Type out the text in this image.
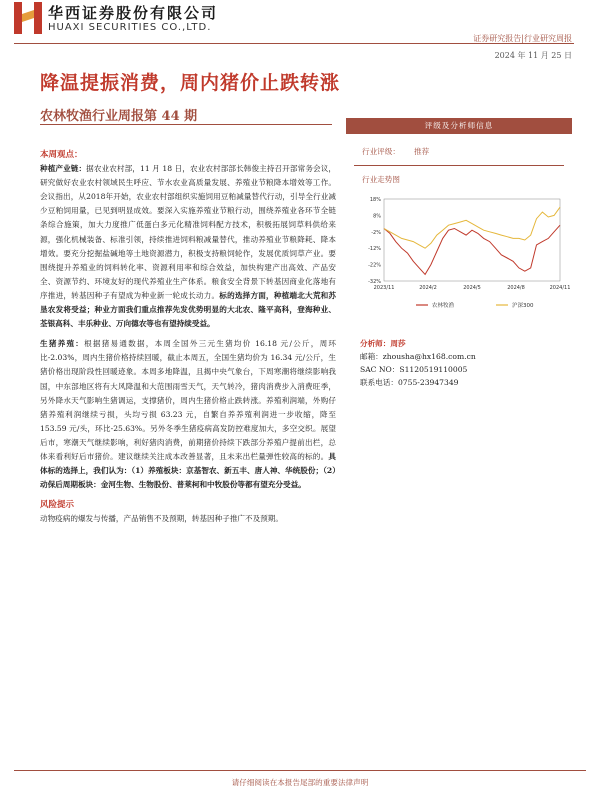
华西证券股份有限公司
HUAXI SECURITIES CO.,LTD.
证券研究报告|行业研究周报
2024 年 11 月 25 日
降温提振消费，周内猪价止跌转涨
农林牧渔行业周报第 44 期
本周观点：

种植产业链：据农业农村部，11 月 18 日，农业农村部部长韩俊主持召开部常务会议，研究做好农业农村领域民生呼应、节水农业高质量发展、养殖业节粮降本增效等工作。会议指出，从2018年开始，农业农村部组织实施饲用豆粕减量替代行动，引导全行业减少豆粕饲用量，已见到明显成效。要深入实施养殖业节粮行动，围绕养殖业各环节全链条综合施策，加大力度推广低蛋白多元化精准饲料配方技术，积极拓展饲草料供给来源，强化机械装备、标准引领，持续推进饲料粮减量替代，推动养殖业节粮降耗、降本增效。要充分挖掘盐碱地等土地资源潜力，积极支持粮饲轮作，发展优质饲草产业。要围绕提升养殖业的饲料转化率、资源利用率和综合效益，加快构建产出高效、产品安全、资源节约、环境友好的现代养殖业生产体系。粮食安全背景下转基因商业化落地有序推进，转基因种子有望成为种业新一轮成长动力。标的选择方面，种植端北大荒和苏垦农发将受益；种业方面我们重点推荐先发优势明显的大北农、隆平高科，登海种业、荃银高科、丰乐种业、万向德农等也有望持续受益。

生猪养殖：根据猪易通数据，本周全国外三元生猪均价 16.18 元/公斤，周环比-2.03%，周内生猪价格持续回暖，截止本周五，全国生猪均价为 16.34 元/公斤，生猪价格出现阶段性回暖迹象。本周多地降温，且揭中央气象台，下周寒潮将继续影响我国，中东部地区将有大风降温和大范围雨雪天气，天气转冷，猪肉消费步入消费旺季，另外降水天气影响生猪调运，支撑猪价，周内生猪价格止跌转涨。养殖利润端，外购仔猪养殖利润继续亏损，头均亏损 63.23 元，自繁自养养殖利润进一步收缩，降至153.59 元/头，环比-25.63%。另外冬季生猪疫病高发防控难度加大，多空交织。展望后市，寒潮天气继续影响，利好猪肉消费，前期猪价持续下跌部分养殖户提前出栏，总体来看利好后市猪价。建议继续关注成本改善显著，且未来出栏量弹性较高的标的。具体标的选择上，我们认为：（1）养殖板块：京基智农、新五丰、唐人神、华统股份；（2）动保后周期板块：金河生物、生物股份、普莱柯和中牧股份等都有望充分受益。

风险提示

动物疫病的爆发与传播，产品销售不及预期，转基因种子推广不及预期。

评级及分析师信息
行业评级： 推荐
行业走势图
18%
8%
-2%
-12%
-22%
-32%
2023/11	2024/2	2024/5	2024/8	2024/11
农林牧渔	沪深300
分析师：周莎
邮箱：zhousha@hx168.com.cn
SAC NO：S1120519110005
联系电话：0755-23947349
请仔细阅读在本报告尾部的重要法律声明
